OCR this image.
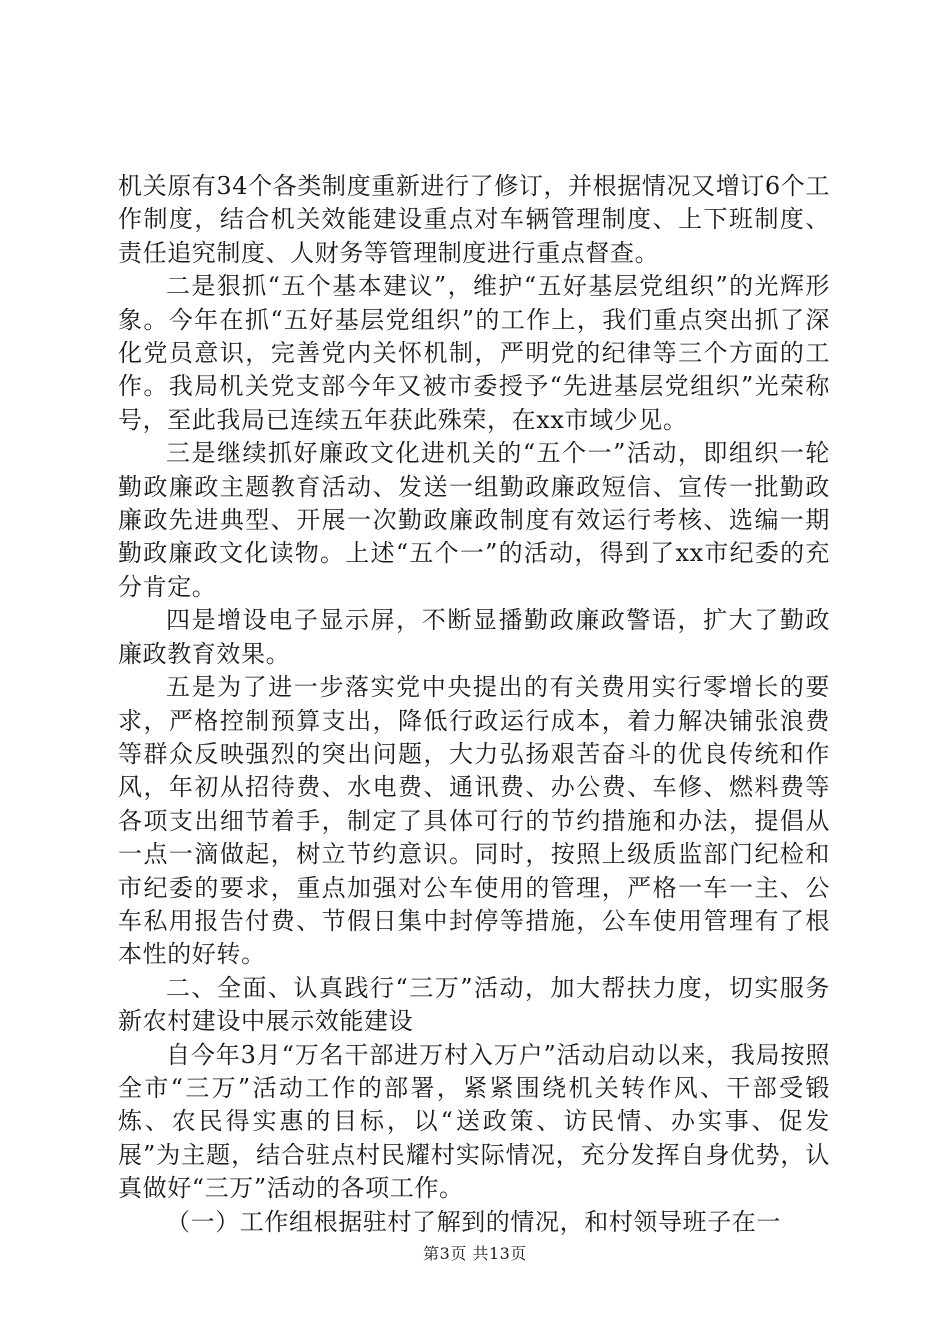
机关原有34个各类制度重新进行了修订，并根据情况又增订6个工作制度，结合机关效能建设重点对车辆管理制度、上下班制度、责任追究制度、人财务等管理制度进行重点督查。

二是狠抓“五个基本建议”，维护“五好基层党组织”的光辉形象。今年在抓“五好基层党组织”的工作上，我们重点突出抓了深化党员意识，完善党内关怀机制，严明党的纪律等三个方面的工作。我局机关党支部今年又被市委授予“先进基层党组织”光荣称号，至此我局已连续五年获此殊荣，在xx市域少见。

三是继续抓好廉政文化进机关的“五个一”活动，即组织一轮勤政廉政主题教育活动、发送一组勤政廉政短信、宣传一批勤政廉政先进典型、开展一次勤政廉政制度有效运行考核、选编一期勤政廉政文化读物。上述“五个一”的活动，得到了xx市纪委的充分肯定。

四是增设电子显示屏，不断显播勤政廉政警语，扩大了勤政廉政教育效果。

五是为了进一步落实党中央提出的有关费用实行零增长的要求，严格控制预算支出，降低行政运行成本，着力解决铺张浪费等群众反映强烈的突出问题，大力弘扬艰苦奋斗的优良传统和作风，年初从招待费、水电费、通讯费、办公费、车修、燃料费等各项支出细节着手，制定了具体可行的节约措施和办法，提倡从一点一滴做起，树立节约意识。同时，按照上级质监部门纪检和市纪委的要求，重点加强对公车使用的管理，严格一车一主、公车私用报告付费、节假日集中封停等措施，公车使用管理有了根本性的好转。

二、全面、认真践行“三万”活动，加大帮扶力度，切实服务新农村建设中展示效能建设

自今年3月“万名干部进万村入万户”活动启动以来，我局按照全市“三万”活动工作的部署，紧紧围绕机关转作风、干部受锻炼、农民得实惠的目标，以“送政策、访民情、办实事、促发展”为主题，结合驻点村民耀村实际情况，充分发挥自身优势，认真做好“三万”活动的各项工作。

（一）工作组根据驻村了解到的情况，和村领导班子在一

第3页 共13页
